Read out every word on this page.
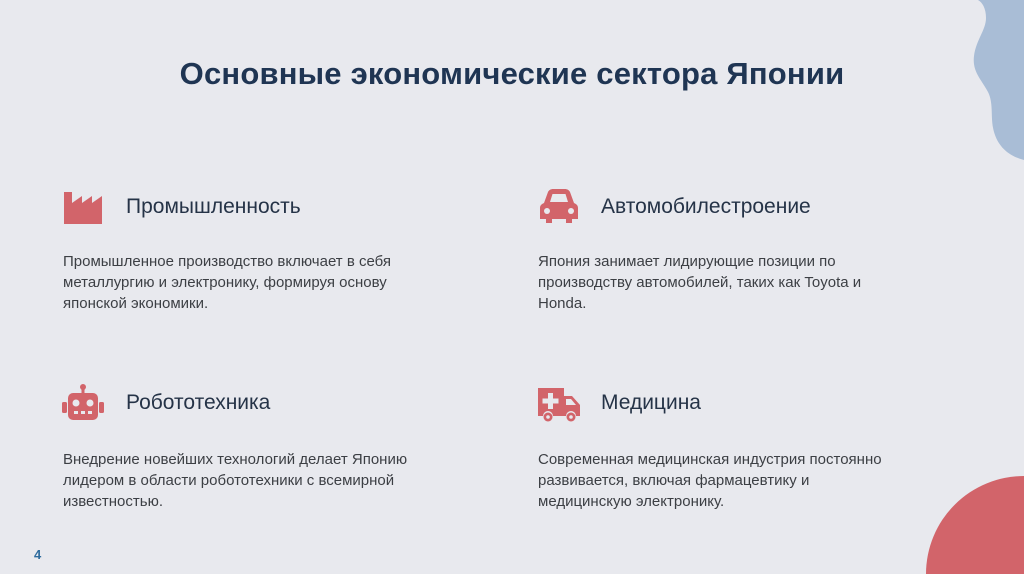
Основные экономические сектора Японии
Промышленность
Промышленное производство включает в себя
металлургию и электронику, формируя основу
японской экономики.
Автомобилестроение
Япония занимает лидирующие позиции по
производству автомобилей, таких как Toyota и
Honda.
Робототехника
Внедрение новейших технологий делает Японию
лидером в области робототехники с всемирной
известностью.
Медицина
Современная медицинская индустрия постоянно
развивается, включая фармацевтику и
медицинскую электронику.
4
